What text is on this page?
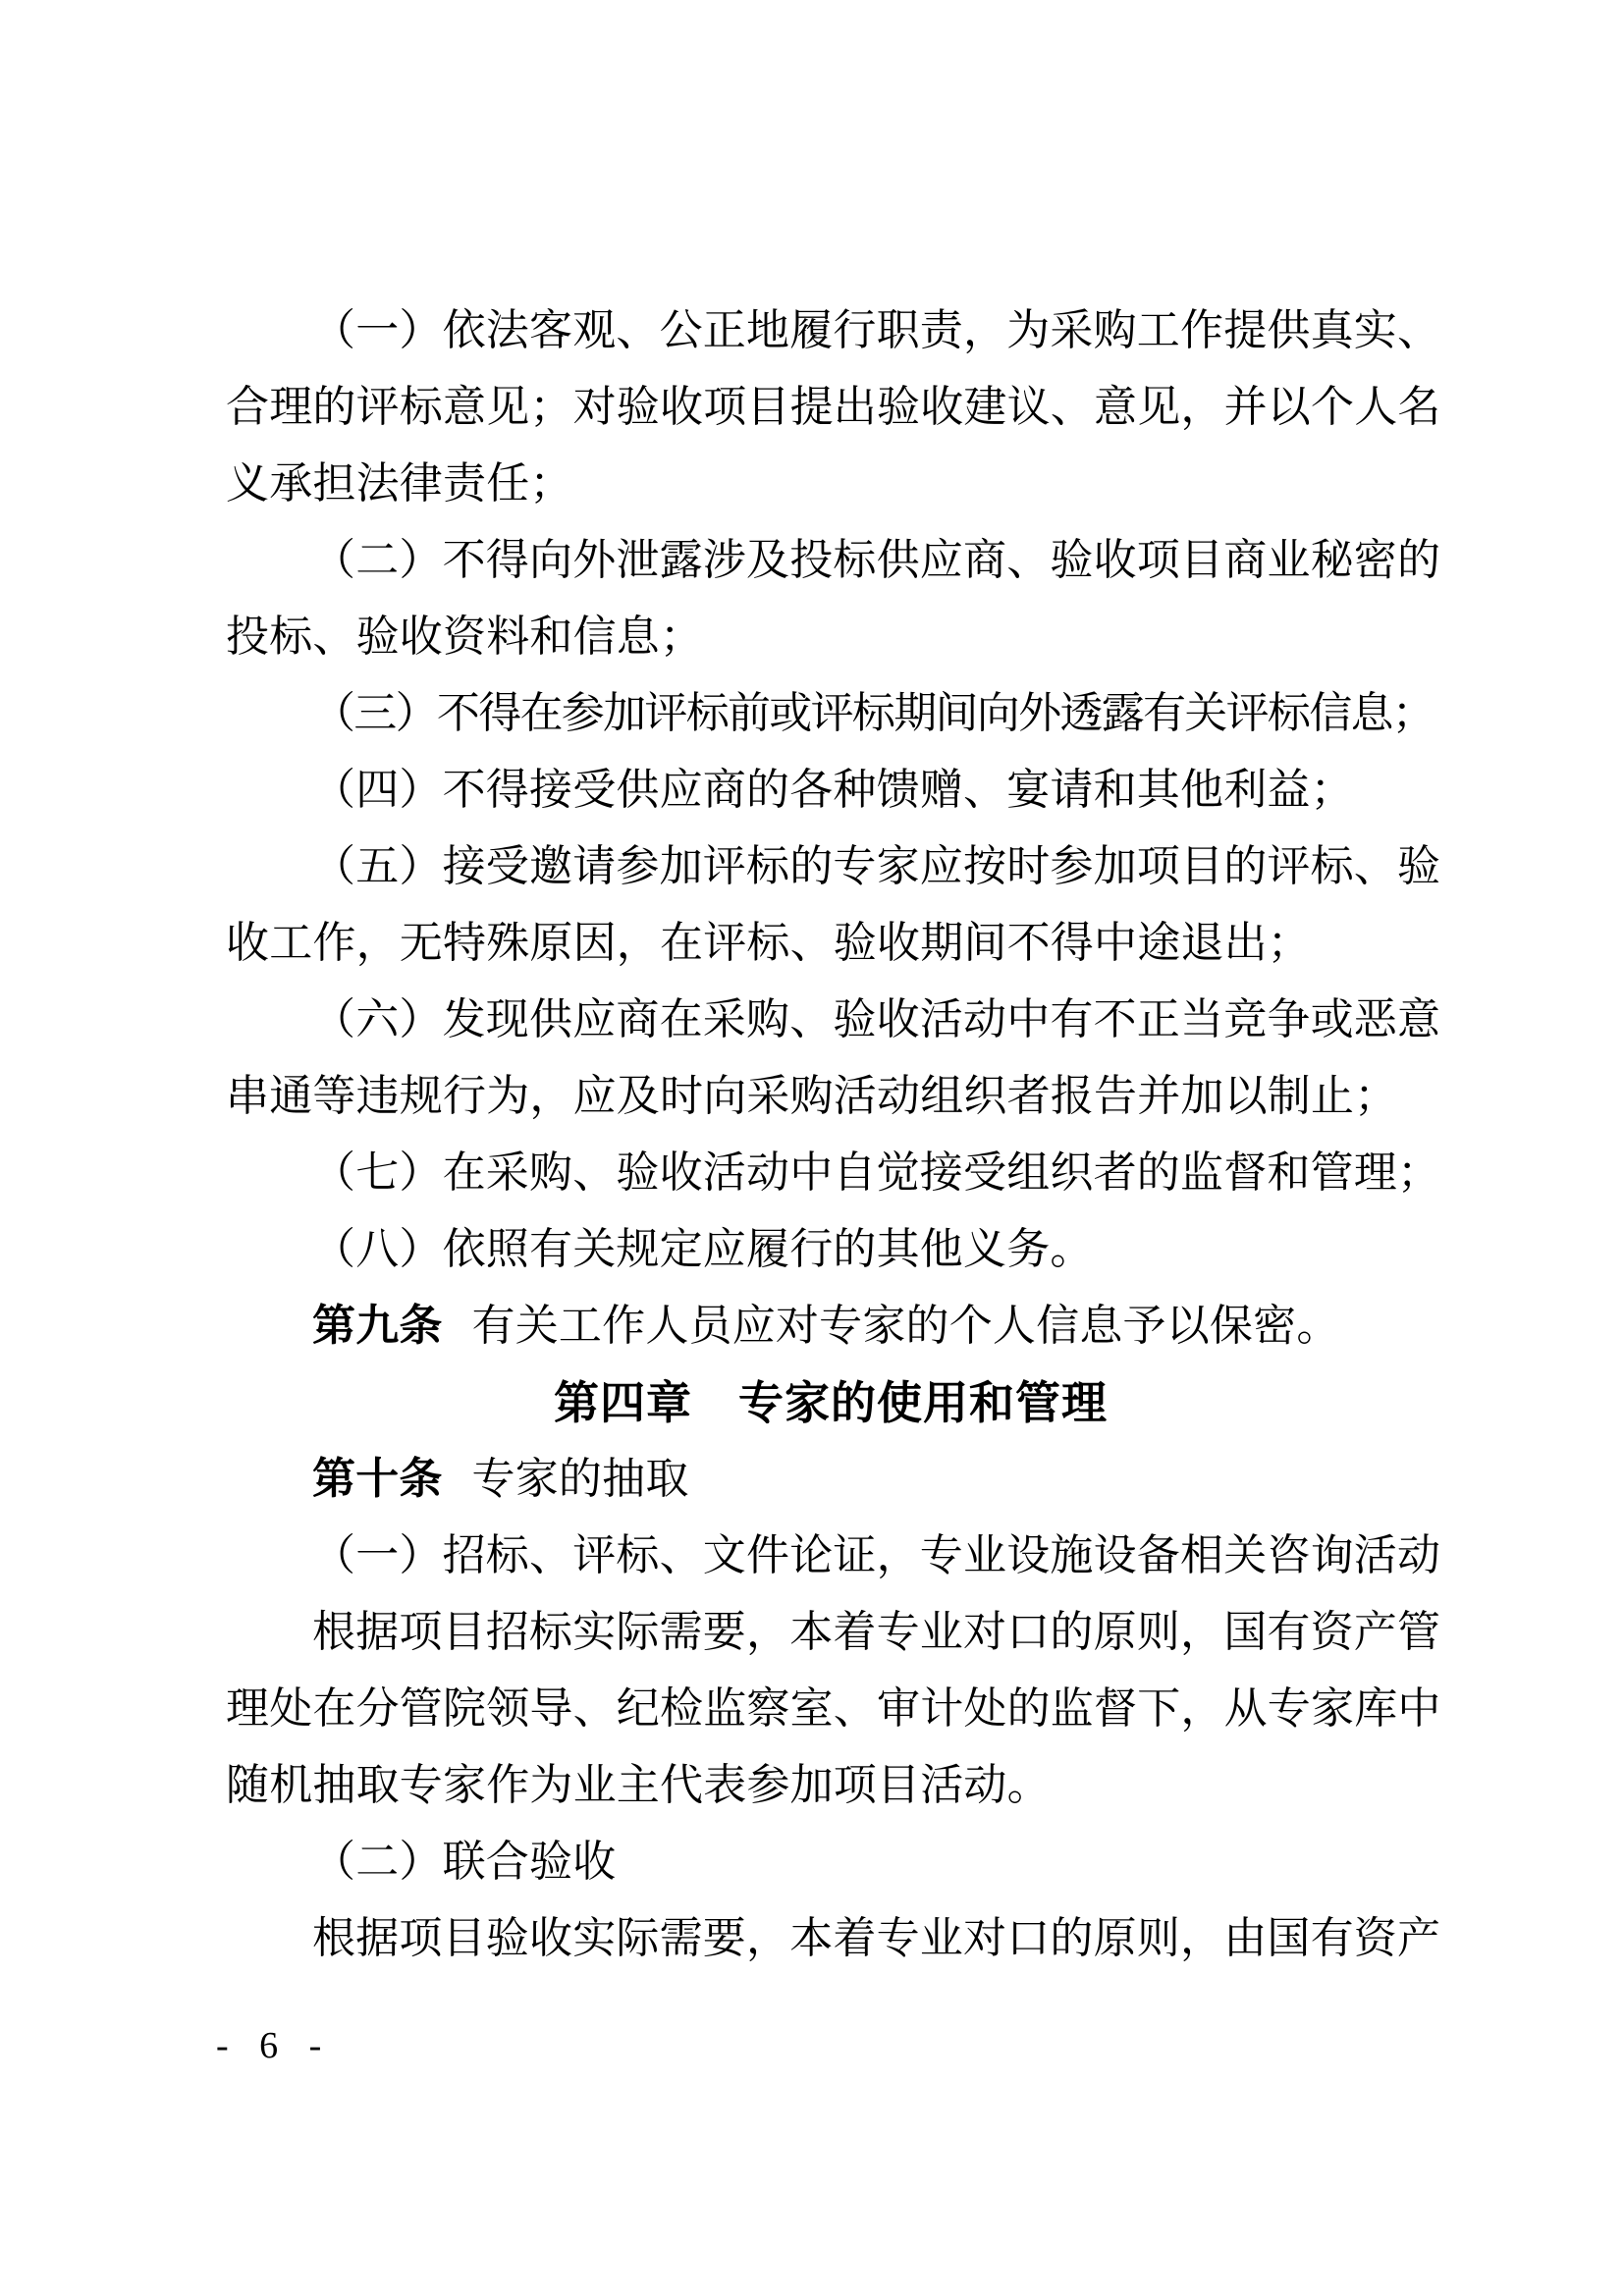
（一）依法客观、公正地履行职责，为采购工作提供真实、
合理的评标意见；对验收项目提出验收建议、意见，并以个人名
义承担法律责任；
（二）不得向外泄露涉及投标供应商、验收项目商业秘密的
投标、验收资料和信息；
（三）不得在参加评标前或评标期间向外透露有关评标信息；
（四）不得接受供应商的各种馈赠、宴请和其他利益；
（五）接受邀请参加评标的专家应按时参加项目的评标、验
收工作，无特殊原因，在评标、验收期间不得中途退出；
（六）发现供应商在采购、验收活动中有不正当竞争或恶意
串通等违规行为，应及时向采购活动组织者报告并加以制止；
（七）在采购、验收活动中自觉接受组织者的监督和管理；
（八）依照有关规定应履行的其他义务。
第九条 有关工作人员应对专家的个人信息予以保密。
第四章　专家的使用和管理
第十条 专家的抽取
（一）招标、评标、文件论证，专业设施设备相关咨询活动
根据项目招标实际需要，本着专业对口的原则，国有资产管
理处在分管院领导、纪检监察室、审计处的监督下，从专家库中
随机抽取专家作为业主代表参加项目活动。
（二）联合验收
根据项目验收实际需要，本着专业对口的原则，由国有资产
- 6 -
